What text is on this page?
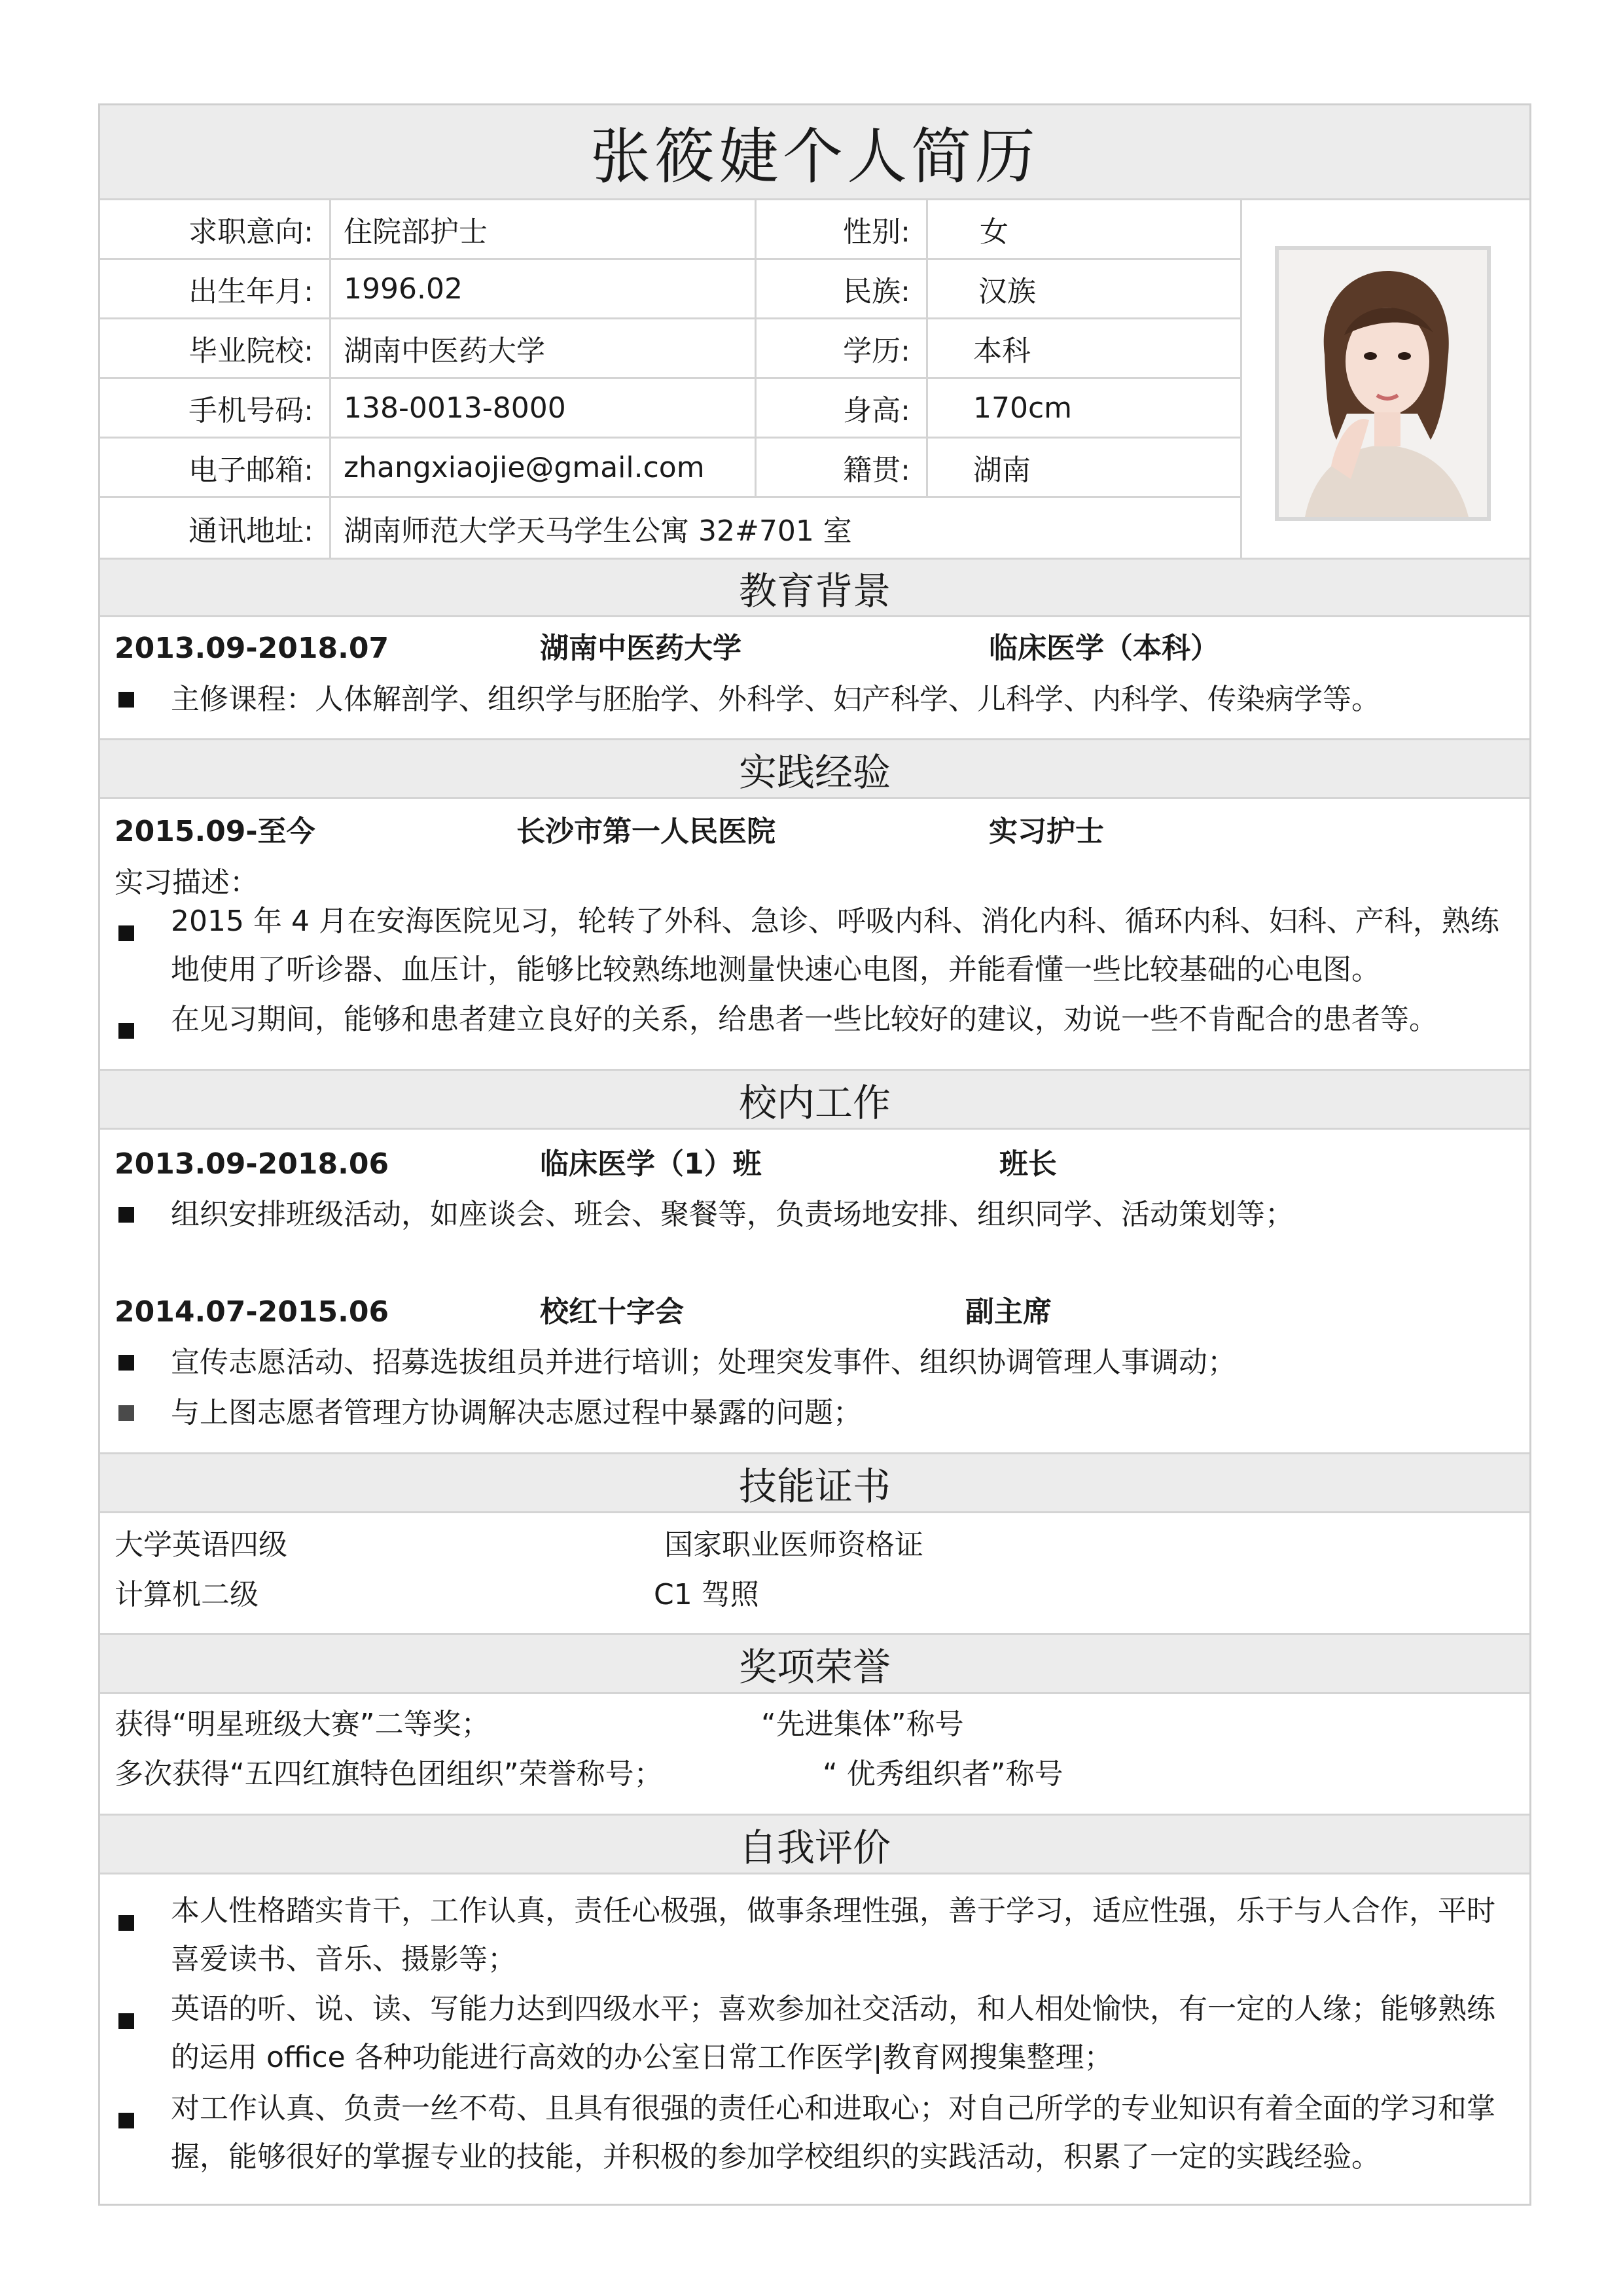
张筱婕个人简历
求职意向:	住院部护士	性别:	女
出生年月:	1996.02	民族:	汉族
毕业院校:	湖南中医药大学	学历:	本科
手机号码:	138-0013-8000	身高:	170cm
电子邮箱:	zhangxiaojie@gmail.com	籍贯:	湖南
通讯地址:	湖南师范大学天马学生公寓 32#701 室
教育背景
2013.09-2018.07	湖南中医药大学	临床医学（本科）
主修课程：人体解剖学、组织学与胚胎学、外科学、妇产科学、儿科学、内科学、传染病学等。
实践经验
2015.09-至今	长沙市第一人民医院	实习护士
实习描述：
2015 年 4 月在安海医院见习，轮转了外科、急诊、呼吸内科、消化内科、循环内科、妇科、产科，熟练地使用了听诊器、血压计，能够比较熟练地测量快速心电图，并能看懂一些比较基础的心电图。
在见习期间，能够和患者建立良好的关系，给患者一些比较好的建议，劝说一些不肯配合的患者等。
校内工作
2013.09-2018.06	临床医学（1）班	班长
组织安排班级活动，如座谈会、班会、聚餐等，负责场地安排、组织同学、活动策划等；
2014.07-2015.06	校红十字会	副主席
宣传志愿活动、招募选拔组员并进行培训；处理突发事件、组织协调管理人事调动；
与上图志愿者管理方协调解决志愿过程中暴露的问题；
技能证书
大学英语四级	国家职业医师资格证
计算机二级	C1 驾照
奖项荣誉
获得“明星班级大赛”二等奖；	“先进集体”称号
多次获得“五四红旗特色团组织”荣誉称号；	“ 优秀组织者”称号
自我评价
本人性格踏实肯干，工作认真，责任心极强，做事条理性强，善于学习，适应性强，乐于与人合作，平时喜爱读书、音乐、摄影等；
英语的听、说、读、写能力达到四级水平；喜欢参加社交活动，和人相处愉快，有一定的人缘；能够熟练的运用 office 各种功能进行高效的办公室日常工作医学|教育网搜集整理；
对工作认真、负责一丝不苟、且具有很强的责任心和进取心；对自己所学的专业知识有着全面的学习和掌握，能够很好的掌握专业的技能，并积极的参加学校组织的实践活动，积累了一定的实践经验。
